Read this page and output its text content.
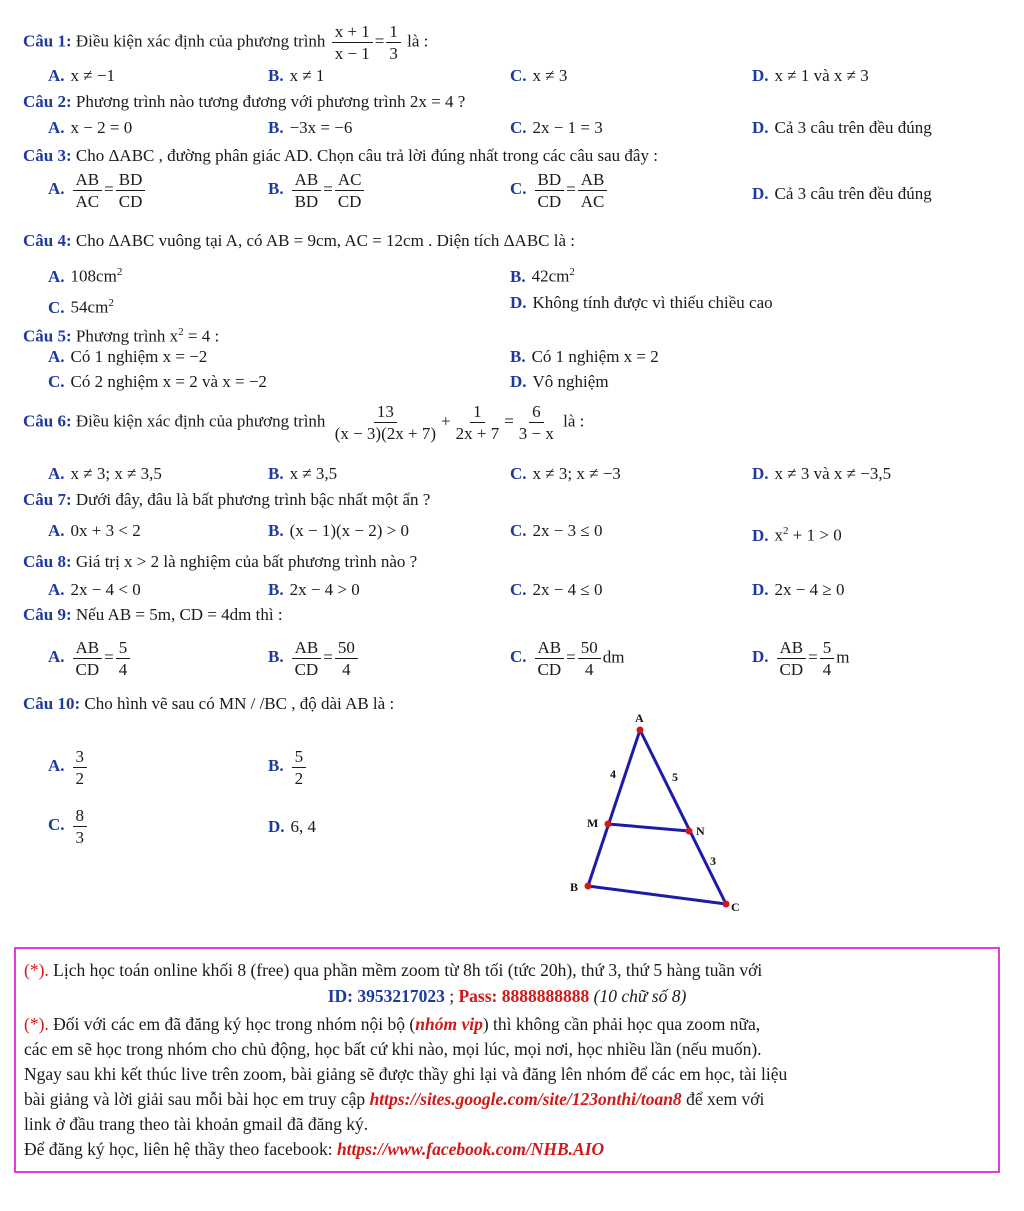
Câu 1: Điều kiện xác định của phương trình $\frac{x + 1}{x - 1} = \frac{1}{3}$ là :
A. x ≠ −1	B. x ≠ 1	C. x ≠ 3	D. x ≠ 1 và x ≠ 3
Câu 2: Phương trình nào tương đương với phương trình 2x = 4 ?
A. x − 2 = 0	B. −3x = −6	C. 2x − 1 = 3	D. Cả 3 câu trên đều đúng
Câu 3: Cho ΔABC , đường phân giác AD. Chọn câu trả lời đúng nhất trong các câu sau đây :
A. $\frac{AB}{AC} = \frac{BD}{CD}$	B. $\frac{AB}{BD} = \frac{AC}{CD}$	C. $\frac{BD}{CD} = \frac{AB}{AC}$	D. Cả 3 câu trên đều đúng
Câu 4: Cho ΔABC vuông tại A, có AB = 9cm, AC = 12cm . Diện tích ΔABC là :
A. $108cm^2$	B. $42cm^2$
C. $54cm^2$	D. Không tính được vì thiếu chiều cao
Câu 5: Phương trình $x^2 = 4$ :
A. Có 1 nghiệm x = −2	B. Có 1 nghiệm x = 2
C. Có 2 nghiệm x = 2 và x = −2	D. Vô nghiệm
Câu 6: Điều kiện xác định của phương trình $\frac{13}{(x - 3)(2x + 7)} + \frac{1}{2x + 7} = \frac{6}{3 - x}$ là :
A. x ≠ 3; x ≠ 3,5	B. x ≠ 3,5	C. x ≠ 3; x ≠ −3	D. x ≠ 3 và x ≠ −3,5
Câu 7: Dưới đây, đâu là bất phương trình bậc nhất một ẩn ?
A. 0x + 3 < 2	B. (x − 1)(x − 2) > 0	C. 2x − 3 ≤ 0	D. $x^2 + 1 > 0$
Câu 8: Giá trị x > 2 là nghiệm của bất phương trình nào ?
A. 2x − 4 < 0	B. 2x − 4 > 0	C. 2x − 4 ≤ 0	D. 2x − 4 ≥ 0
Câu 9: Nếu AB = 5m, CD = 4dm thì :
A. $\frac{AB}{CD} = \frac{5}{4}$	B. $\frac{AB}{CD} = \frac{50}{4}$	C. $\frac{AB}{CD} = \frac{50}{4}$ dm	D. $\frac{AB}{CD} = \frac{5}{4}$ m
Câu 10: Cho hình vẽ sau có MN / /BC , độ dài AB là :
A. $\frac{3}{2}$	B. $\frac{5}{2}$
C. $\frac{8}{3}$	D. 6, 4
A
M
N
B
C
4	5
3
(*). Lịch học toán online khối 8 (free) qua phần mềm zoom từ 8h tối (tức 20h), thứ 3, thứ 5 hàng tuần với
ID: 3953217023 ; Pass: 8888888888 (10 chữ số 8)
(*). Đối với các em đã đăng ký học trong nhóm nội bộ (nhóm vip) thì không cần phải học qua zoom nữa,
các em sẽ học trong nhóm cho chủ động, học bất cứ khi nào, mọi lúc, mọi nơi, học nhiều lần (nếu muốn).
Ngay sau khi kết thúc live trên zoom, bài giảng sẽ được thầy ghi lại và đăng lên nhóm để các em học, tài liệu
bài giảng và lời giải sau mỗi bài học em truy cập https://sites.google.com/site/123onthi/toan8 để xem với
link ở đầu trang theo tài khoản gmail đã đăng ký.
Để đăng ký học, liên hệ thầy theo facebook: https://www.facebook.com/NHB.AIO
